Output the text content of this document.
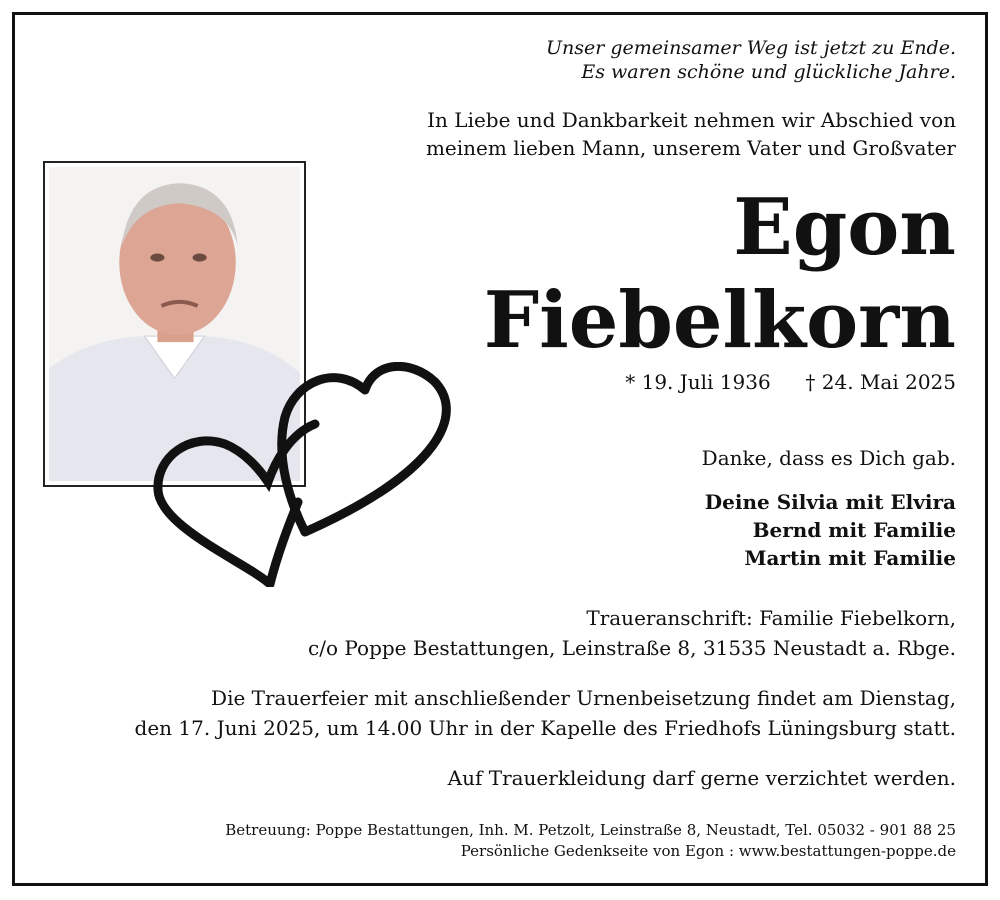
Unser gemeinsamer Weg ist jetzt zu Ende.
Es waren schöne und glückliche Jahre.
In Liebe und Dankbarkeit nehmen wir Abschied von
meinem lieben Mann, unserem Vater und Großvater
Egon
Fiebelkorn
* 19. Juli 1936 † 24. Mai 2025
Danke, dass es Dich gab.
Deine Silvia mit Elvira
Bernd mit Familie
Martin mit Familie
Traueranschrift: Familie Fiebelkorn,
c/o Poppe Bestattungen, Leinstraße 8, 31535 Neustadt a. Rbge.
Die Trauerfeier mit anschließender Urnenbeisetzung findet am Dienstag,
den 17. Juni 2025, um 14.00 Uhr in der Kapelle des Friedhofs Lüningsburg statt.
Auf Trauerkleidung darf gerne verzichtet werden.
Betreuung: Poppe Bestattungen, Inh. M. Petzolt, Leinstraße 8, Neustadt, Tel. 05032 - 901 88 25
Persönliche Gedenkseite von Egon : www.bestattungen-poppe.de
